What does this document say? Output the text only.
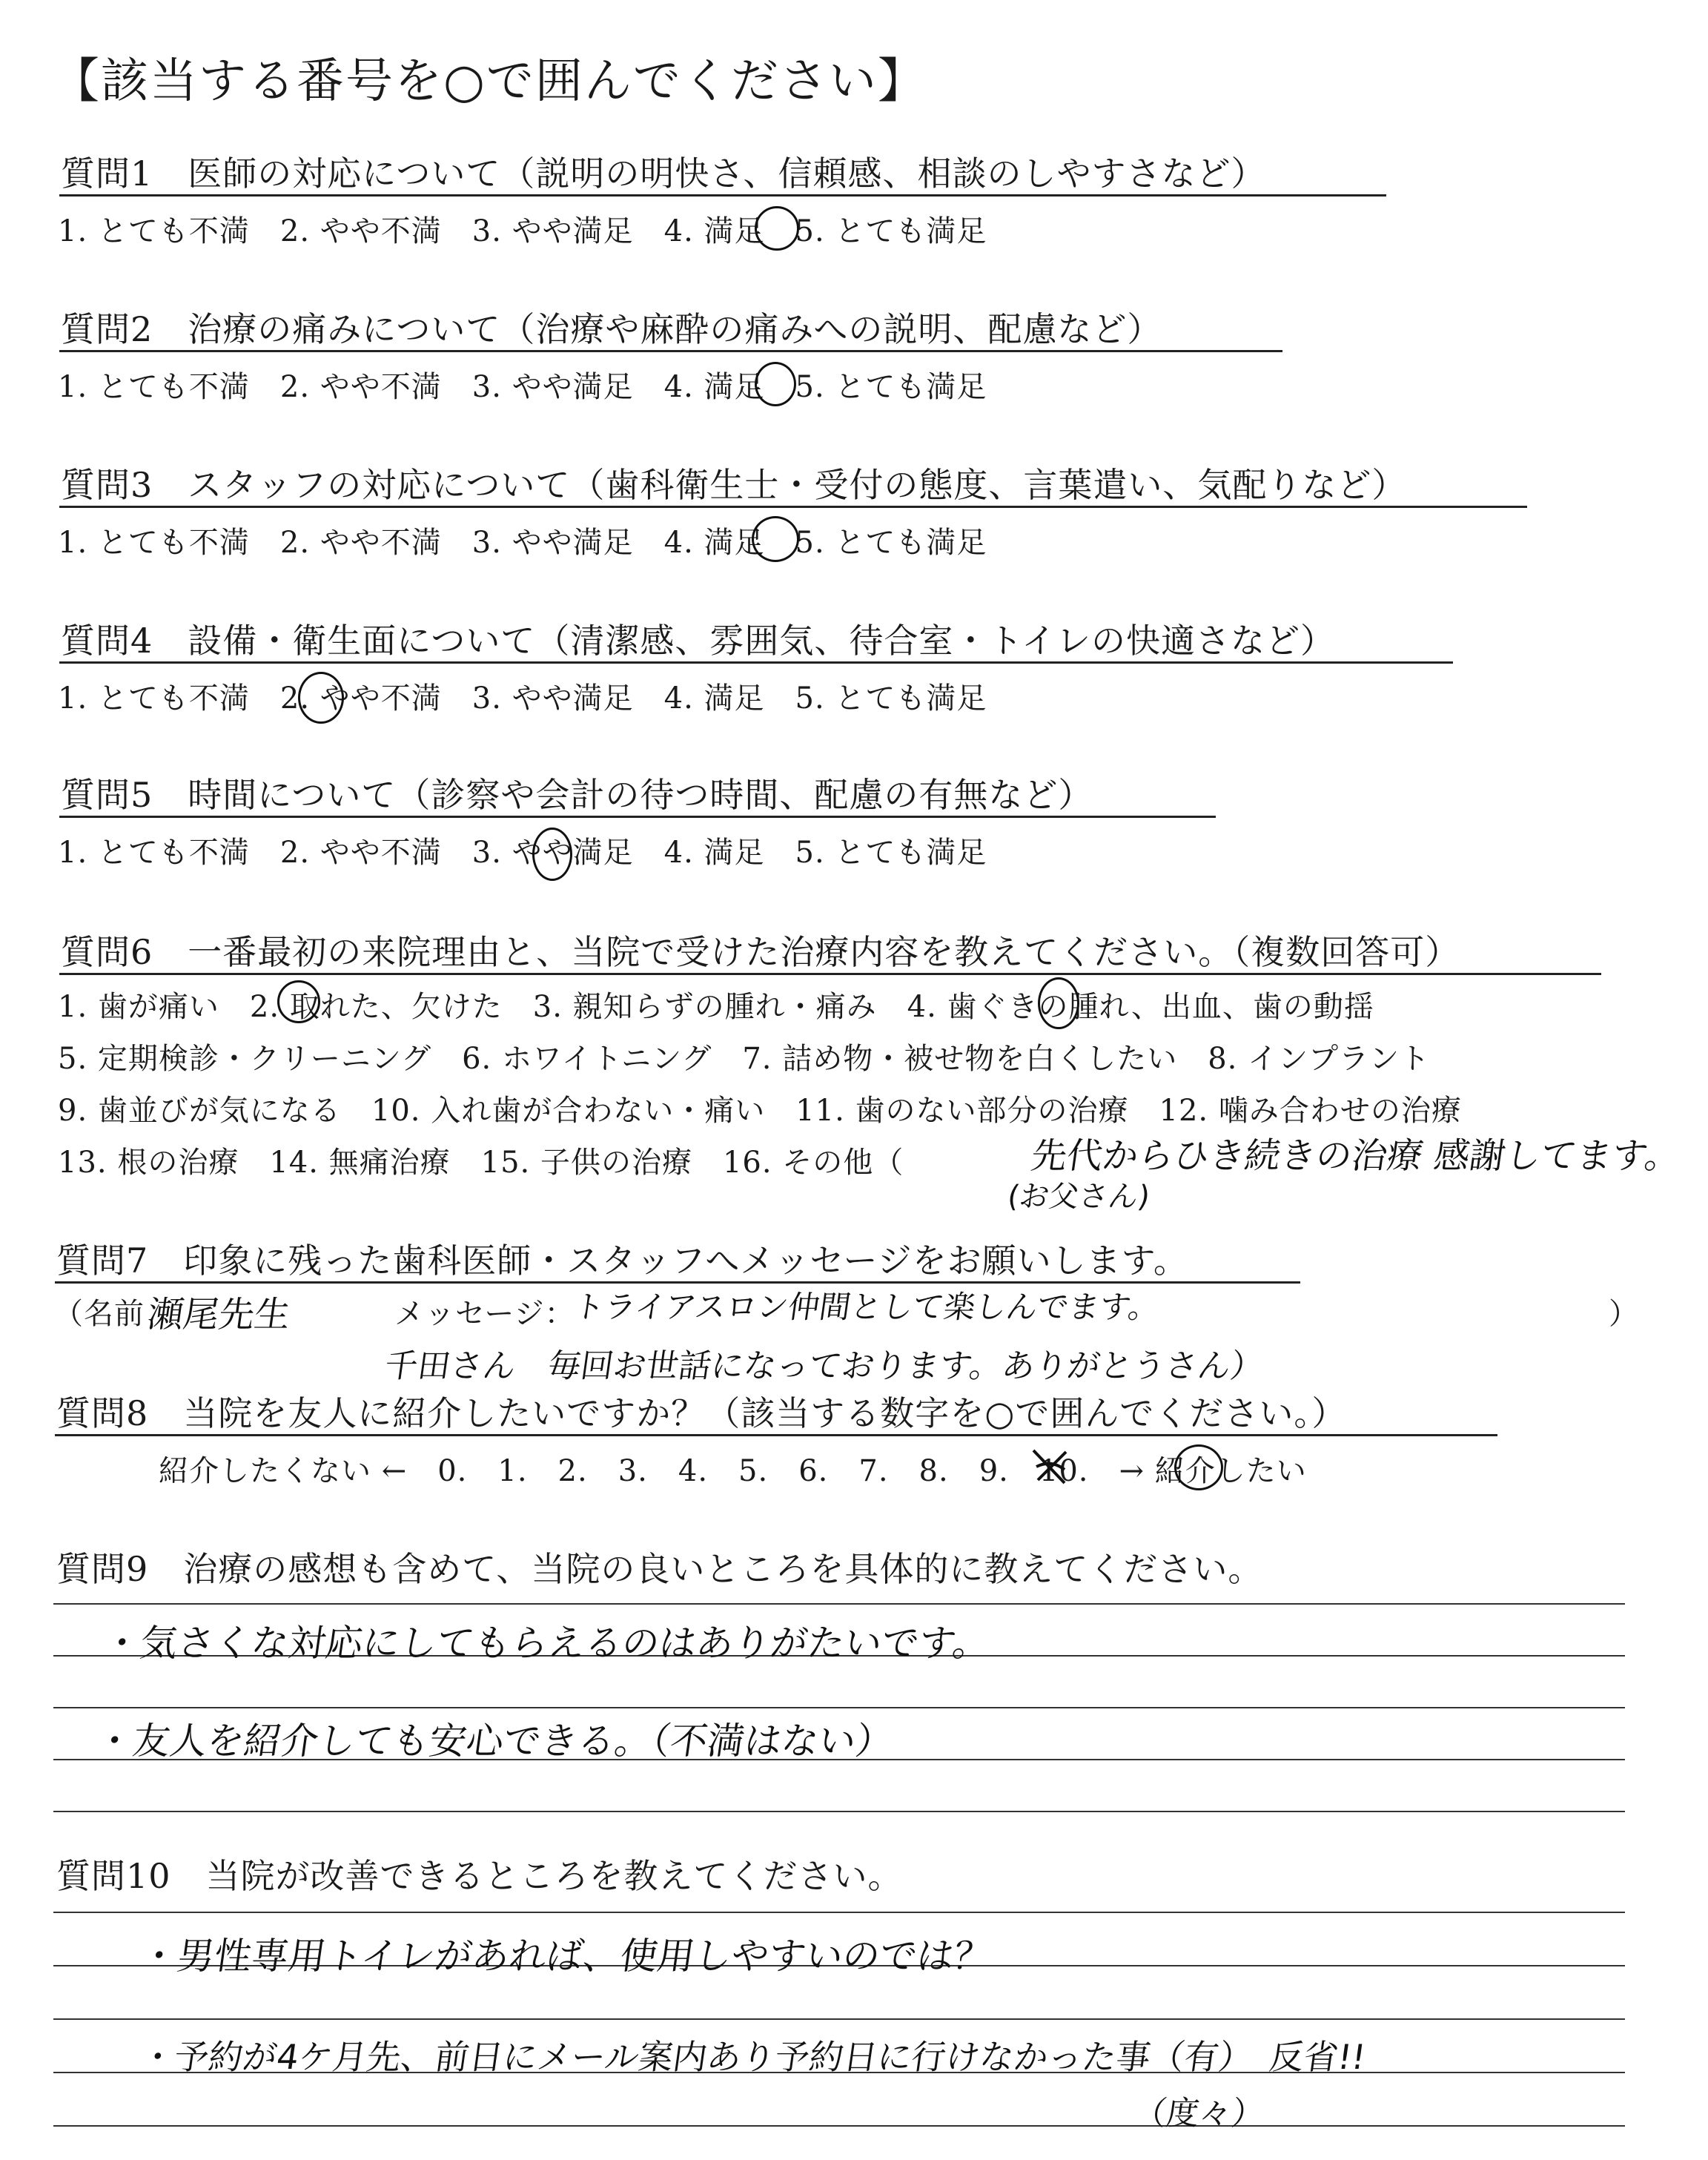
【該当する番号を○で囲んでください】
質問1　医師の対応について（説明の明快さ、信頼感、相談のしやすさなど）
1. とても不満　2. やや不満　3. やや満足　4. 満足　5. とても満足
質問2　治療の痛みについて（治療や麻酔の痛みへの説明、配慮など）
1. とても不満　2. やや不満　3. やや満足　4. 満足　5. とても満足
質問3　スタッフの対応について（歯科衛生士・受付の態度、言葉遣い、気配りなど）
1. とても不満　2. やや不満　3. やや満足　4. 満足　5. とても満足
質問4　設備・衛生面について（清潔感、雰囲気、待合室・トイレの快適さなど）
1. とても不満　2. やや不満　3. やや満足　4. 満足　5. とても満足
質問5　時間について（診察や会計の待つ時間、配慮の有無など）
1. とても不満　2. やや不満　3. やや満足　4. 満足　5. とても満足
質問6　一番最初の来院理由と、当院で受けた治療内容を教えてください。（複数回答可）
1. 歯が痛い　2. 取れた、欠けた　3. 親知らずの腫れ・痛み　4. 歯ぐきの腫れ、出血、歯の動揺
5. 定期検診・クリーニング　6. ホワイトニング　7. 詰め物・被せ物を白くしたい　8. インプラント
9. 歯並びが気になる　10. 入れ歯が合わない・痛い　11. 歯のない部分の治療　12. 噛み合わせの治療
13. 根の治療　14. 無痛治療　15. 子供の治療　16. その他（	先代からひき続きの治療 感謝してます。
(お父さん)
質問7　印象に残った歯科医師・スタッフへメッセージをお願いします。
（名前 瀬尾先生	メッセージ：
トライアスロン仲間として楽しんでます。	）
千田さん　毎回お世話になっております。ありがとうさん）
質問8　当院を友人に紹介したいですか？（該当する数字を○で囲んでください。）
紹介したくない ←　0.　1.　2.　3.　4.　5.　6.　7.　8.　9.　10.　→ 紹介したい
質問9　治療の感想も含めて、当院の良いところを具体的に教えてください。
・気さくな対応にしてもらえるのはありがたいです。
・友人を紹介しても安心できる。（不満はない）
質問10　当院が改善できるところを教えてください。
・男性専用トイレがあれば、使用しやすいのでは？
・予約が4ケ月先、前日にメール案内あり予約日に行けなかった事（有）　反省!!
（度々）
